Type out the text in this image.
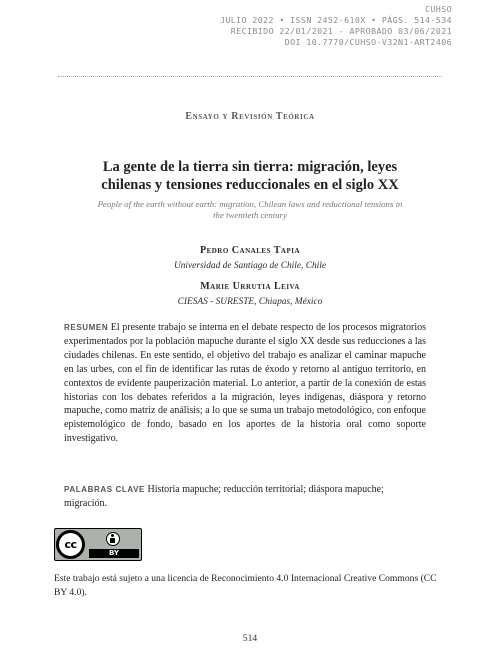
CUHSO
JULIO 2022 • ISSN 2452-610X • PÁGS. 514-534
RECIBIDO 22/01/2021 - APROBADO 03/06/2021
DOI 10.7770/CUHSO-V32N1-ART2406
Ensayo y Revisión Teórica
La gente de la tierra sin tierra: migración, leyes
chilenas y tensiones reduccionales en el siglo XX
People of the earth without earth: migration, Chilean laws and reductional tensions in
the twentieth century
Pedro Canales Tapia
Universidad de Santiago de Chile, Chile
Marie Urrutia Leiva
CIESAS - SURESTE, Chiapas, México
RESUMEN El presente trabajo se interna en el debate respecto de los procesos migratorios experimentados por la población mapuche durante el siglo XX desde sus reducciones a las ciudades chilenas. En este sentido, el objetivo del trabajo es analizar el caminar mapuche en las urbes, con el fin de identificar las rutas de éxodo y retorno al antiguo territorio, en contextos de evidente pauperización material. Lo anterior, a partir de la conexión de estas historias con los debates referidos a la migración, leyes indígenas, diáspora y retorno mapuche, como matriz de análisis; a lo que se suma un trabajo metodológico, con enfoque epistemológico de fondo, basado en los aportes de la historia oral como soporte investigativo.
PALABRAS CLAVE Historia mapuche; reducción territorial; diáspora mapuche; migración.
cc
BY
Este trabajo está sujeto a una licencia de Reconocimiento 4.0 Internacional Creative Commons (CC BY 4.0).
514
